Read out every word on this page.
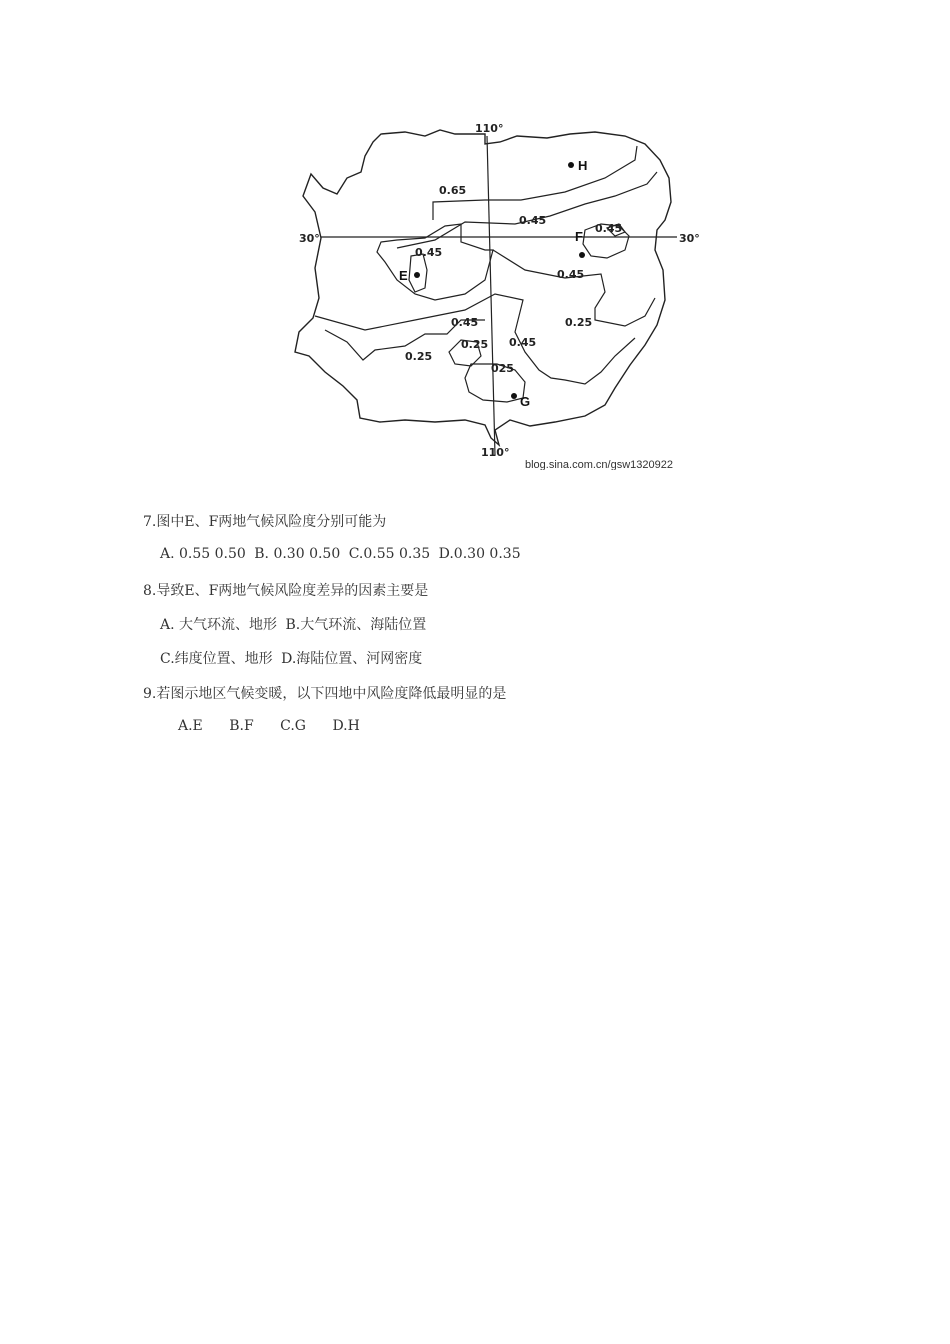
110°
110°
30°	30°
0.65
0.45
0.45
0.45
0.45
0.45	0.25
0.45
0.25
0.25
025
E
F
G
H
blog.sina.com.cn/gsw1320922
7.图中E、F两地气候风险度分别可能为
A. 0.55 0.50 B. 0.30 0.50 C.0.55 0.35 D.0.30 0.35
8.导致E、F两地气候风险度差异的因素主要是
A. 大气环流、地形 B.大气环流、海陆位置
C.纬度位置、地形 D.海陆位置、河网密度
9.若图示地区气候变暖，以下四地中风险度降低最明显的是
A.E B.F C.G D.H
